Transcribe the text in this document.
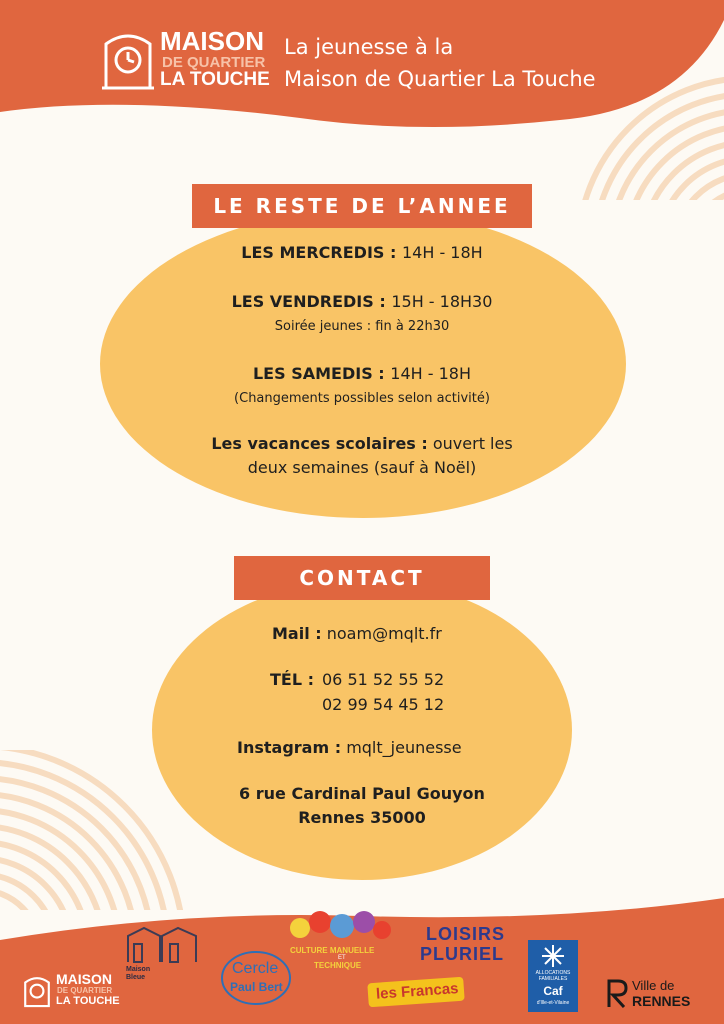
MAISON
DE QUARTIER
LA TOUCHE
La jeunesse à la
Maison de Quartier La Touche
LE RESTE DE L’ANNEE
LES MERCREDIS : 14H - 18H
LES VENDREDIS : 15H - 18H30
Soirée jeunes : fin à 22h30
LES SAMEDIS : 14H - 18H
(Changements possibles selon activité)
Les vacances scolaires : ouvert les
deux semaines (sauf à Noël)
CONTACT
Mail : noam@mqlt.fr
TÉL : 06 51 52 55 52
02 99 54 45 12
Instagram : mqlt_jeunesse
6 rue Cardinal Paul Gouyon
Rennes 35000
MAISON
DE QUARTIER
LA TOUCHE
Maison Bleue
Cercle
Paul Bert
CULTURE MANUELLE
ET
TECHNIQUE
les Francas
LOISIRS
PLURIEL
ALLOCATIONS FAMILIALES
Caf
d'Ille-et-Vilaine
Ville de
RENNES
